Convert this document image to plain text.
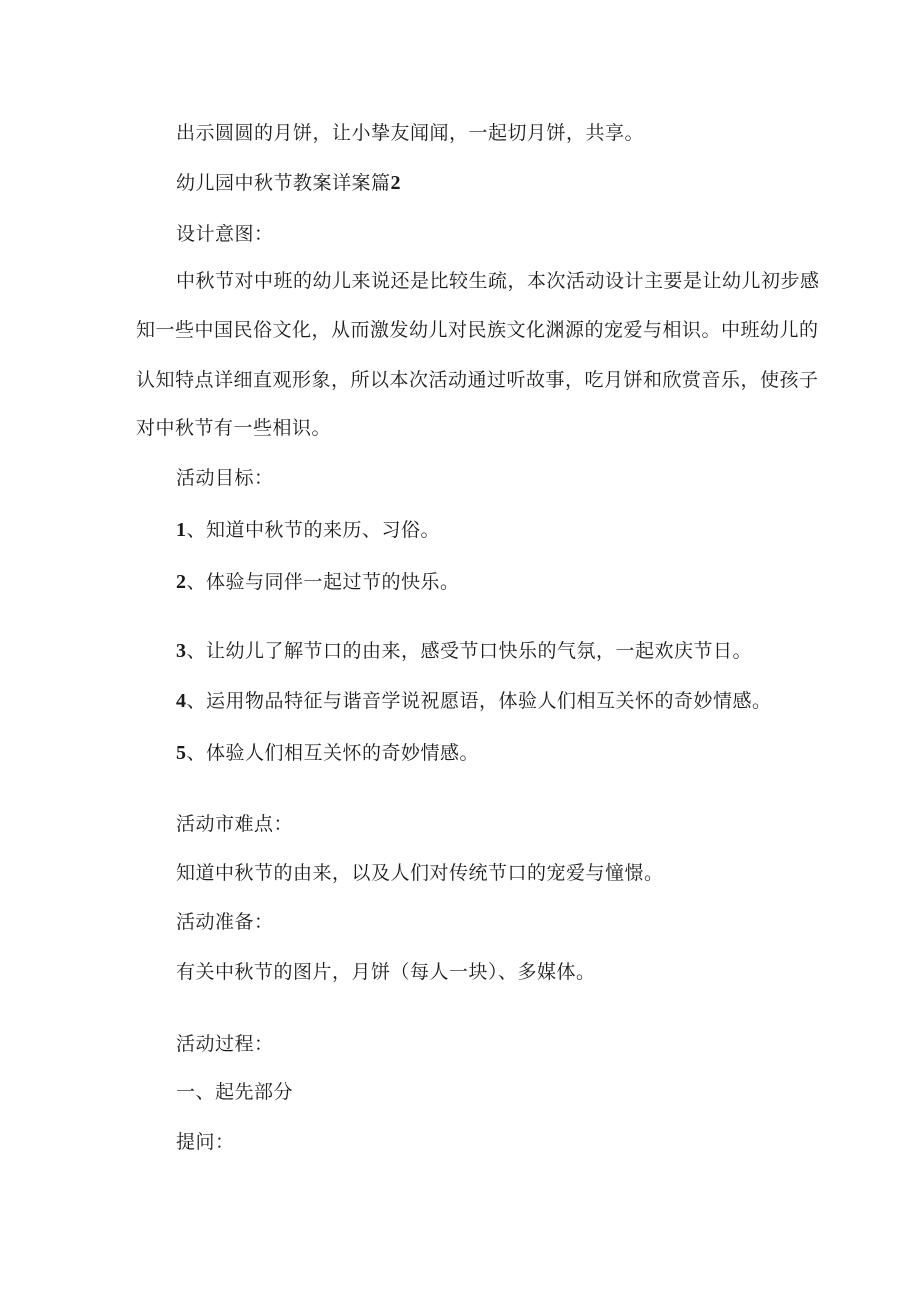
出示圆圆的月饼，让小挚友闻闻，一起切月饼，共享。
幼儿园中秋节教案详案篇2
设计意图：
中秋节对中班的幼儿来说还是比较生疏，本次活动设计主要是让幼儿初步感
知一些中国民俗文化，从而激发幼儿对民族文化渊源的宠爱与相识。中班幼儿的
认知特点详细直观形象，所以本次活动通过听故事，吃月饼和欣赏音乐，使孩子
对中秋节有一些相识。
活动目标：
1、知道中秋节的来历、习俗。
2、体验与同伴一起过节的快乐。
3、让幼儿了解节口的由来，感受节口快乐的气氛，一起欢庆节日。
4、运用物品特征与谐音学说祝愿语，体验人们相互关怀的奇妙情感。
5、体验人们相互关怀的奇妙情感。
活动市难点：
知道中秋节的由来，以及人们对传统节口的宠爱与憧憬。
活动准备：
有关中秋节的图片，月饼（每人一块）、多媒体。
活动过程：
一、起先部分
提问：
